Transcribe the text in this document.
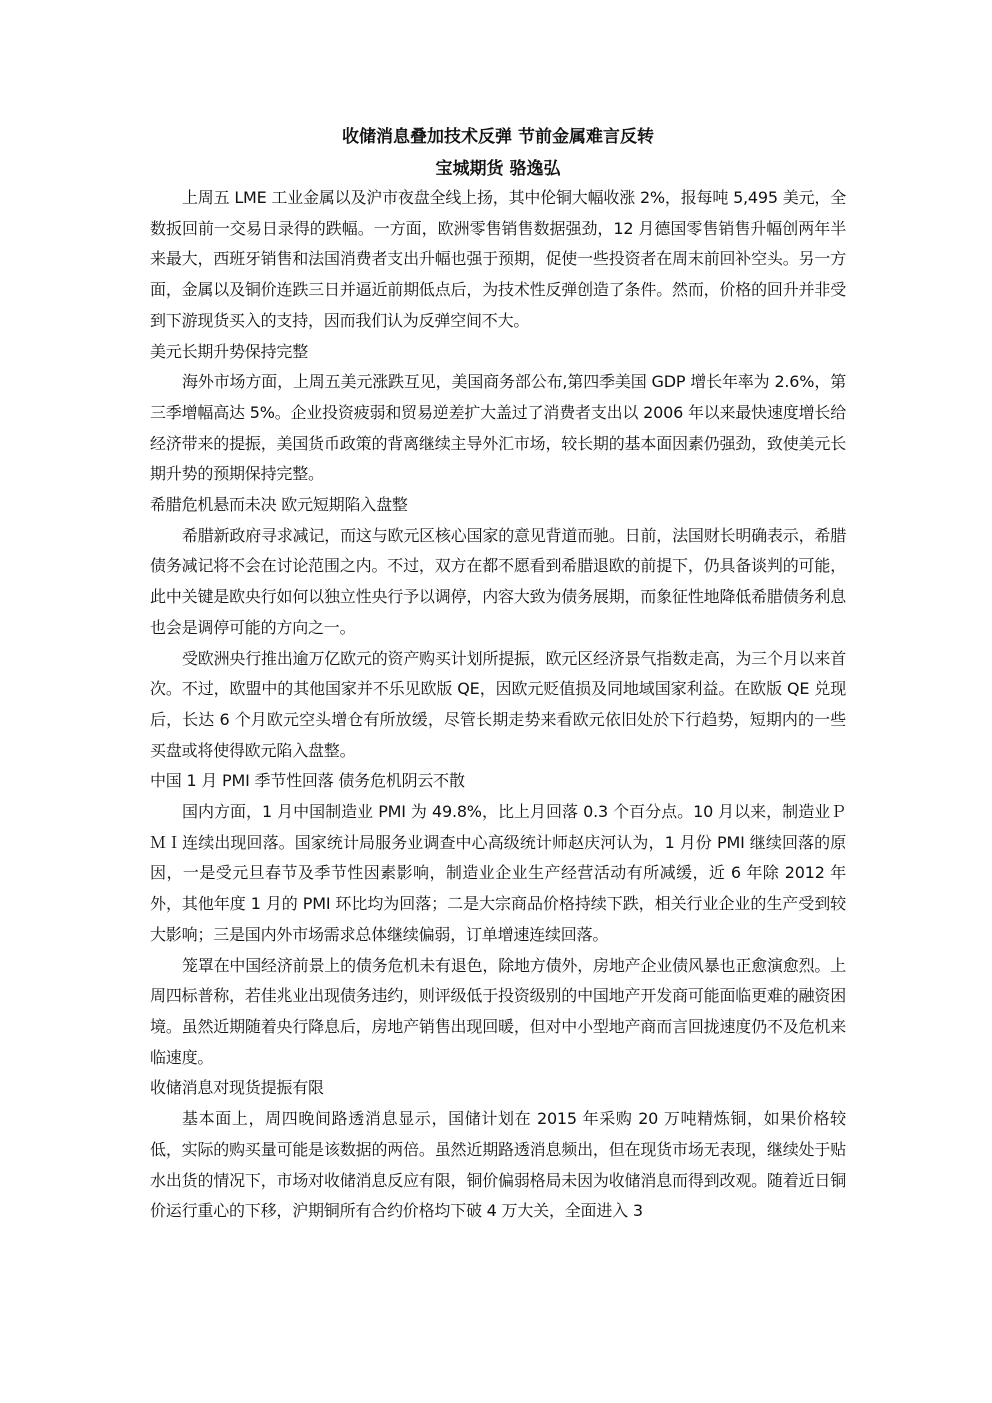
收储消息叠加技术反弹 节前金属难言反转
宝城期货 骆逸弘

上周五 LME 工业金属以及沪市夜盘全线上扬，其中伦铜大幅收涨 2%，报每吨 5,495 美元，全数扳回前一交易日录得的跌幅。一方面，欧洲零售销售数据强劲，12 月德国零售销售升幅创两年半来最大，西班牙销售和法国消费者支出升幅也强于预期，促使一些投资者在周末前回补空头。另一方面，金属以及铜价连跌三日并逼近前期低点后，为技术性反弹创造了条件。然而，价格的回升并非受到下游现货买入的支持，因而我们认为反弹空间不大。

美元长期升势保持完整

海外市场方面，上周五美元涨跌互见，美国商务部公布,第四季美国 GDP 增长年率为 2.6%，第三季增幅高达 5%。企业投资疲弱和贸易逆差扩大盖过了消费者支出以 2006 年以来最快速度增长给经济带来的提振，美国货币政策的背离继续主导外汇市场，较长期的基本面因素仍强劲，致使美元长期升势的预期保持完整。

希腊危机悬而未决 欧元短期陷入盘整

希腊新政府寻求减记，而这与欧元区核心国家的意见背道而驰。日前，法国财长明确表示，希腊债务减记将不会在讨论范围之内。不过，双方在都不愿看到希腊退欧的前提下，仍具备谈判的可能，此中关键是欧央行如何以独立性央行予以调停，内容大致为债务展期，而象征性地降低希腊债务利息也会是调停可能的方向之一。

受欧洲央行推出逾万亿欧元的资产购买计划所提振，欧元区经济景气指数走高，为三个月以来首次。不过，欧盟中的其他国家并不乐见欧版 QE，因欧元贬值损及同地域国家利益。在欧版 QE 兑现后，长达 6 个月欧元空头增仓有所放缓，尽管长期走势来看欧元依旧处於下行趋势，短期内的一些买盘或将使得欧元陷入盘整。

中国 1 月 PMI 季节性回落 债务危机阴云不散

国内方面，1 月中国制造业 PMI 为 49.8%，比上月回落 0.3 个百分点。10 月以来，制造业ＰＭＩ连续出现回落。国家统计局服务业调查中心高级统计师赵庆河认为，1 月份 PMI 继续回落的原因，一是受元旦春节及季节性因素影响，制造业企业生产经营活动有所减缓，近 6 年除 2012 年外，其他年度 1 月的 PMI 环比均为回落；二是大宗商品价格持续下跌，相关行业企业的生产受到较大影响；三是国内外市场需求总体继续偏弱，订单增速连续回落。

笼罩在中国经济前景上的债务危机未有退色，除地方债外，房地产企业债风暴也正愈演愈烈。上周四标普称，若佳兆业出现债务违约，则评级低于投资级别的中国地产开发商可能面临更难的融资困境。虽然近期随着央行降息后，房地产销售出现回暖，但对中小型地产商而言回拢速度仍不及危机来临速度。

收储消息对现货提振有限

基本面上，周四晚间路透消息显示，国储计划在 2015 年采购 20 万吨精炼铜，如果价格较低，实际的购买量可能是该数据的两倍。虽然近期路透消息频出，但在现货市场无表现，继续处于贴水出货的情况下，市场对收储消息反应有限，铜价偏弱格局未因为收储消息而得到改观。随着近日铜价运行重心的下移，沪期铜所有合约价格均下破 4 万大关，全面进入 3
